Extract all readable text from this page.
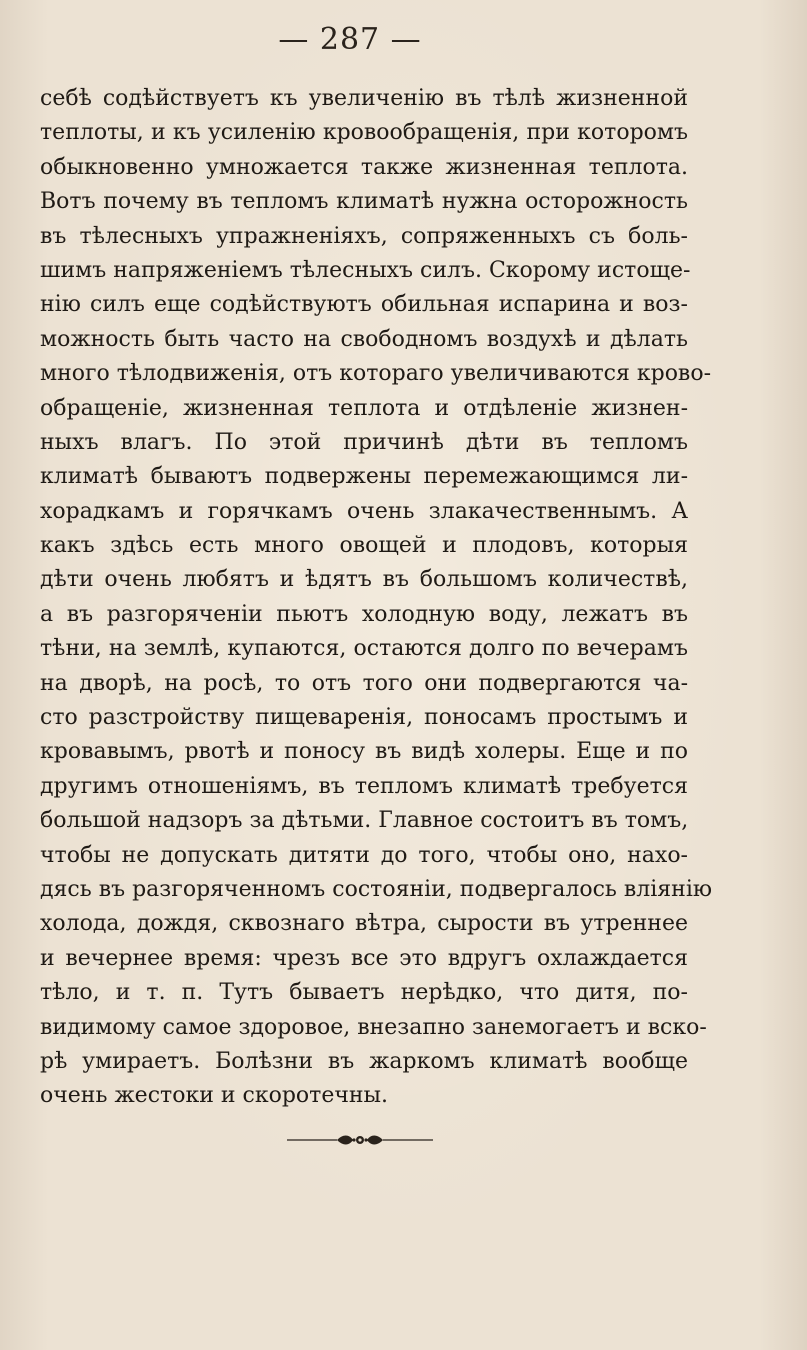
— 287 —
себѣ содѣйствуетъ къ увеличенію въ тѣлѣ жизненной
теплоты, и къ усиленію кровообращенія, при которомъ
обыкновенно умножается также жизненная теплота.
Вотъ почему въ тепломъ климатѣ нужна осторожность
въ тѣлесныхъ упражненіяхъ, сопряженныхъ съ боль-
шимъ напряженіемъ тѣлесныхъ силъ. Скорому истоще-
нію силъ еще содѣйствуютъ обильная испарина и воз-
можность быть часто на свободномъ воздухѣ и дѣлать
много тѣлодвиженія, отъ котораго увеличиваются крово-
обращеніе, жизненная теплота и отдѣленіе жизнен-
ныхъ влагъ. По этой причинѣ дѣти въ тепломъ
климатѣ бываютъ подвержены перемежающимся ли-
хорадкамъ и горячкамъ очень злакачественнымъ. А
какъ здѣсь есть много овощей и плодовъ, которыя
дѣти очень любятъ и ѣдятъ въ большомъ количествѣ,
а въ разгоряченіи пьютъ холодную воду, лежатъ въ
тѣни, на землѣ, купаются, остаются долго по вечерамъ
на дворѣ, на росѣ, то отъ того они подвергаются ча-
сто разстройству пищеваренія, поносамъ простымъ и
кровавымъ, рвотѣ и поносу въ видѣ холеры. Еще и по
другимъ отношеніямъ, въ тепломъ климатѣ требуется
большой надзоръ за дѣтьми. Главное состоитъ въ томъ,
чтобы не допускать дитяти до того, чтобы оно, нахо-
дясь въ разгоряченномъ состояніи, подвергалось вліянію
холода, дождя, сквознаго вѣтра, сырости въ утреннее
и вечернее время: чрезъ все это вдругъ охлаждается
тѣло, и т. п. Тутъ бываетъ нерѣдко, что дитя, по-
видимому самое здоровое, внезапно занемогаетъ и вско-
рѣ умираетъ. Болѣзни въ жаркомъ климатѣ вообще
очень жестоки и скоротечны.
